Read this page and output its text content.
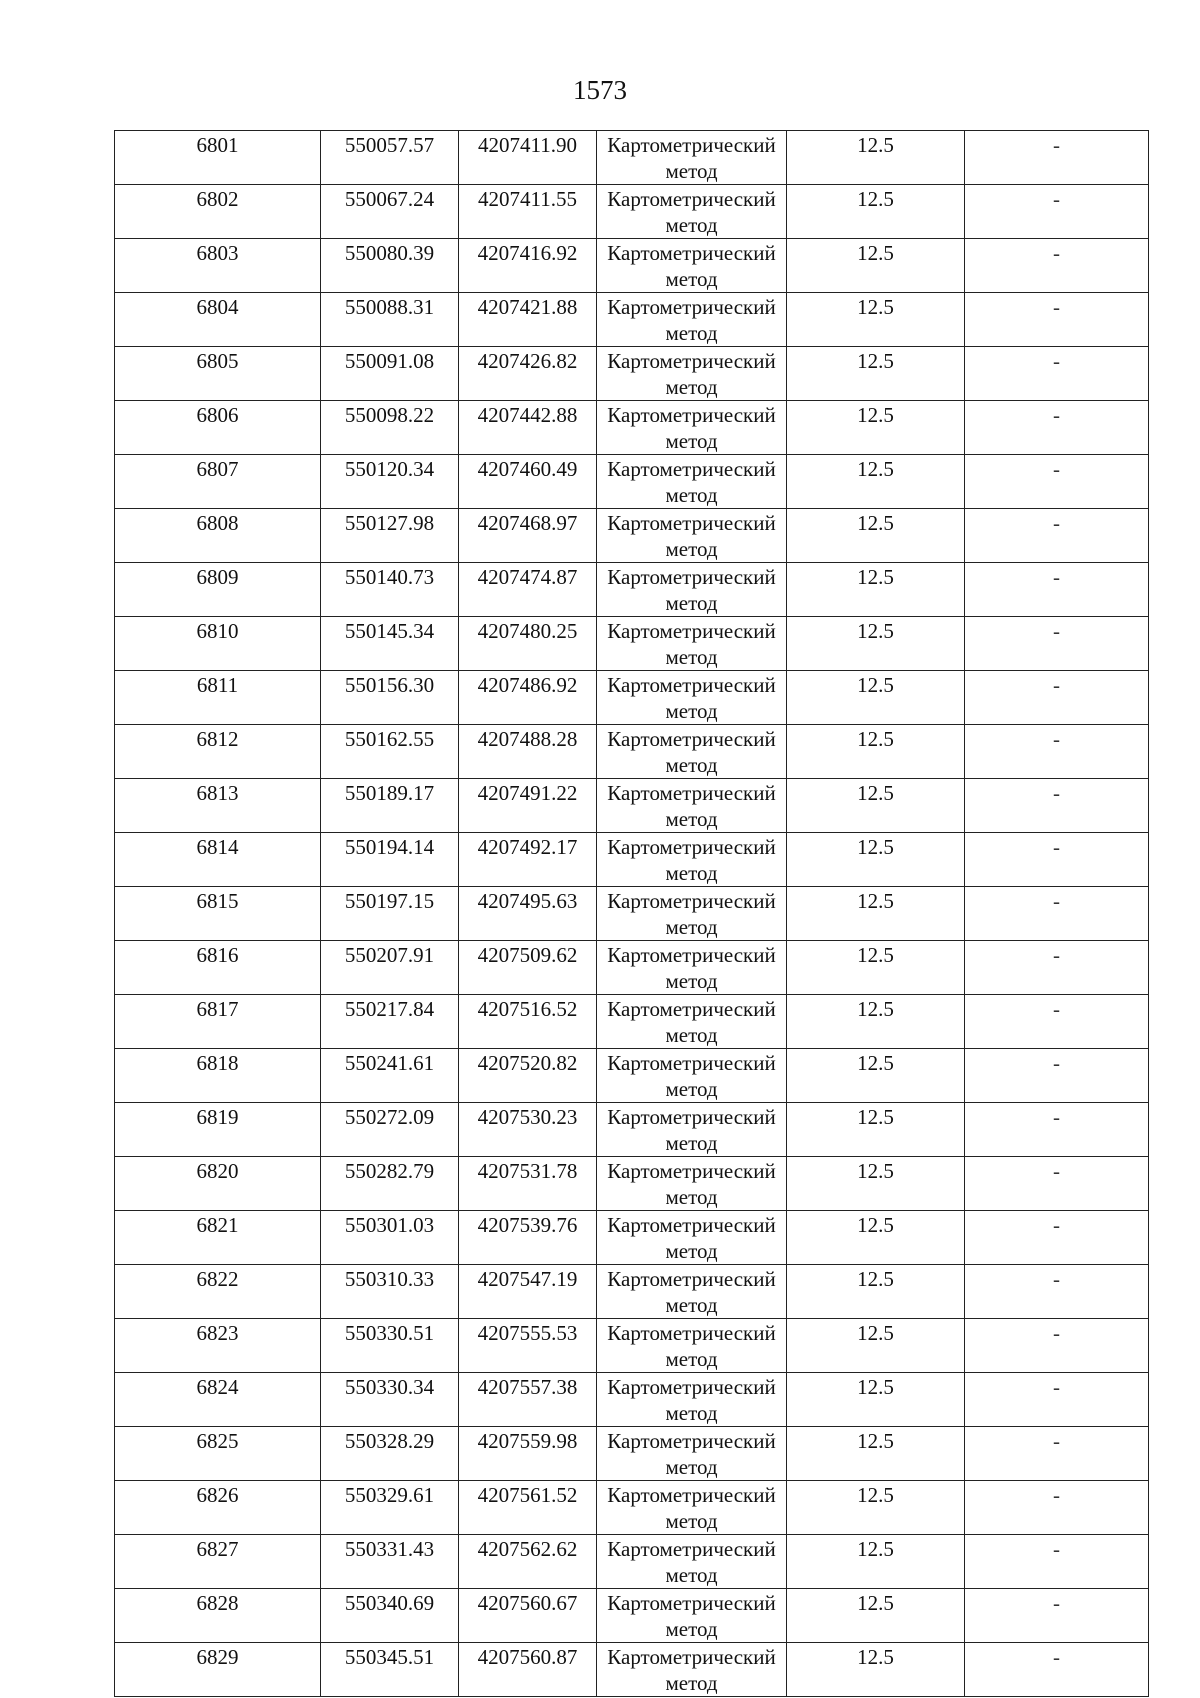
1573
6801	550057.57	4207411.90	Картометрический метод	12.5	-
6802	550067.24	4207411.55	Картометрический метод	12.5	-
6803	550080.39	4207416.92	Картометрический метод	12.5	-
6804	550088.31	4207421.88	Картометрический метод	12.5	-
6805	550091.08	4207426.82	Картометрический метод	12.5	-
6806	550098.22	4207442.88	Картометрический метод	12.5	-
6807	550120.34	4207460.49	Картометрический метод	12.5	-
6808	550127.98	4207468.97	Картометрический метод	12.5	-
6809	550140.73	4207474.87	Картометрический метод	12.5	-
6810	550145.34	4207480.25	Картометрический метод	12.5	-
6811	550156.30	4207486.92	Картометрический метод	12.5	-
6812	550162.55	4207488.28	Картометрический метод	12.5	-
6813	550189.17	4207491.22	Картометрический метод	12.5	-
6814	550194.14	4207492.17	Картометрический метод	12.5	-
6815	550197.15	4207495.63	Картометрический метод	12.5	-
6816	550207.91	4207509.62	Картометрический метод	12.5	-
6817	550217.84	4207516.52	Картометрический метод	12.5	-
6818	550241.61	4207520.82	Картометрический метод	12.5	-
6819	550272.09	4207530.23	Картометрический метод	12.5	-
6820	550282.79	4207531.78	Картометрический метод	12.5	-
6821	550301.03	4207539.76	Картометрический метод	12.5	-
6822	550310.33	4207547.19	Картометрический метод	12.5	-
6823	550330.51	4207555.53	Картометрический метод	12.5	-
6824	550330.34	4207557.38	Картометрический метод	12.5	-
6825	550328.29	4207559.98	Картометрический метод	12.5	-
6826	550329.61	4207561.52	Картометрический метод	12.5	-
6827	550331.43	4207562.62	Картометрический метод	12.5	-
6828	550340.69	4207560.67	Картометрический метод	12.5	-
6829	550345.51	4207560.87	Картометрический метод	12.5	-
